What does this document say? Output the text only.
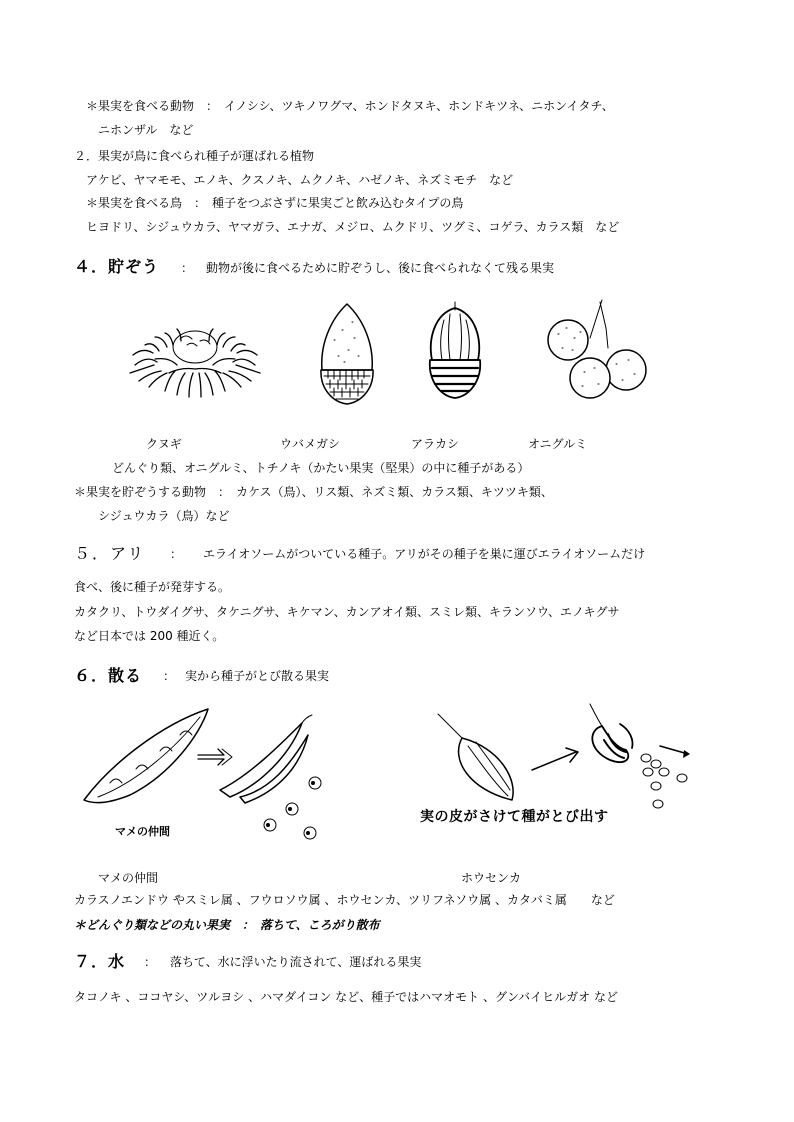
＊果実を食べる動物　：　イノシシ、ツキノワグマ、ホンドタヌキ、ホンドキツネ、ニホンイタチ、
ニホンザル　など
２．果実が鳥に食べられ種子が運ばれる植物
アケビ、ヤマモモ、エノキ、クスノキ、ムクノキ、ハゼノキ、ネズミモチ　など
＊果実を食べる鳥　：　種子をつぶさずに果実ごと飲み込むタイプの鳥
ヒヨドリ、シジュウカラ、ヤマガラ、エナガ、メジロ、ムクドリ、ツグミ、コゲラ、カラス類　など
４．貯ぞう ： 動物が後に食べるために貯ぞうし、後に食べられなくて残る果実
クヌギ	ウバメガシ	アラカシ	オニグルミ
どんぐり類、オニグルミ、トチノキ（かたい果実（堅果）の中に種子がある）
＊果実を貯ぞうする動物　：　カケス（鳥）、リス類、ネズミ類、カラス類、キツツキ類、
シジュウカラ（鳥）など
５．アリ ： エライオソームがついている種子。アリがその種子を巣に運びエライオソームだけ
食べ、後に種子が発芽する。
カタクリ、トウダイグサ、タケニグサ、キケマン、カンアオイ類、スミレ類、キランソウ、エノキグサ
など日本では 200 種近く。
６．散る ： 実から種子がとび散る果実
マメの仲間
実の皮がさけて種がとび出す
マメの仲間	ホウセンカ
カラスノエンドウ やスミレ属 、フウロソウ属 、ホウセンカ、ツリフネソウ属 、カタバミ属　　など
＊どんぐり類などの丸い果実　：　落ちて、ころがり散布
７．水 ： 落ちて、水に浮いたり流されて、運ばれる果実
タコノキ 、ココヤシ、ツルヨシ 、ハマダイコン など、種子ではハマオモト 、グンバイヒルガオ など
